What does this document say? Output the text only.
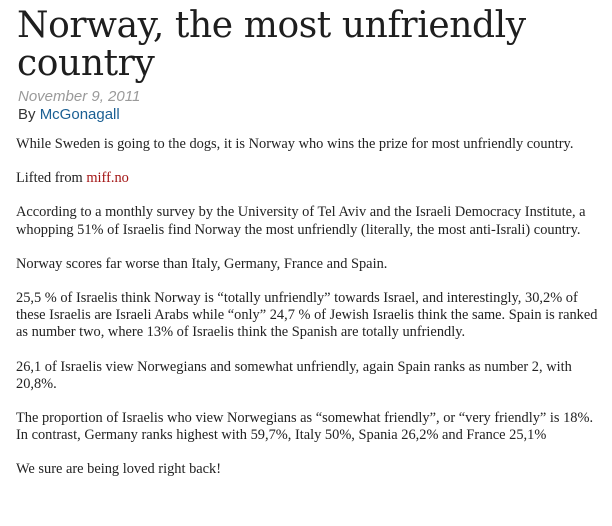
Norway, the most unfriendly country
November 9, 2011
By McGonagall

While Sweden is going to the dogs, it is Norway who wins the prize for most unfriendly country.

Lifted from miff.no

According to a monthly survey by the University of Tel Aviv and the Israeli Democracy Institute, a whopping 51% of Israelis find Norway the most unfriendly (literally, the most anti-Israli) country.

Norway scores far worse than Italy, Germany, France and Spain.

25,5 % of Israelis think Norway is “totally unfriendly” towards Israel, and interestingly, 30,2% of these Israelis are Israeli Arabs while “only” 24,7 % of Jewish Israelis think the same. Spain is ranked as number two, where 13% of Israelis think the Spanish are totally unfriendly.

26,1 of Israelis view Norwegians and somewhat unfriendly, again Spain ranks as number 2, with 20,8%.

The proportion of Israelis who view Norwegians as “somewhat friendly”, or “very friendly” is 18%. In contrast, Germany ranks highest with 59,7%, Italy 50%, Spania 26,2% and France 25,1%

We sure are being loved right back!
